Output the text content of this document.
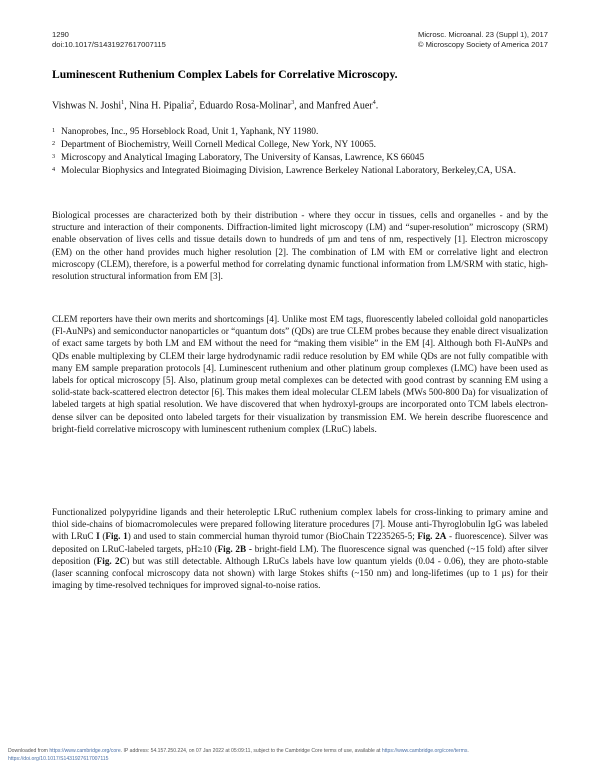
1290
doi:10.1017/S1431927617007115
Microsc. Microanal. 23 (Suppl 1), 2017
© Microscopy Society of America 2017
Luminescent Ruthenium Complex Labels for Correlative Microscopy.

Vishwas N. Joshi$^1$, Nina H. Pipalia$^2$, Eduardo Rosa-Molinar$^3$, and Manfred Auer$^4$.

1 Nanoprobes, Inc., 95 Horseblock Road, Unit 1, Yaphank, NY 11980.
2 Department of Biochemistry, Weill Cornell Medical College, New York, NY 10065.
3 Microscopy and Analytical Imaging Laboratory, The University of Kansas, Lawrence, KS 66045
4 Molecular Biophysics and Integrated Bioimaging Division, Lawrence Berkeley National Laboratory, Berkeley,CA, USA.

Biological processes are characterized both by their distribution - where they occur in tissues, cells and organelles - and by the structure and interaction of their components. Diffraction-limited light microscopy (LM) and “super-resolution” microscopy (SRM) enable observation of lives cells and tissue details down to hundreds of µm and tens of nm, respectively [1]. Electron microscopy (EM) on the other hand provides much higher resolution [2]. The combination of LM with EM or correlative light and electron microscopy (CLEM), therefore, is a powerful method for correlating dynamic functional information from LM/SRM with static, high-resolution structural information from EM [3].

CLEM reporters have their own merits and shortcomings [4]. Unlike most EM tags, fluorescently labeled colloidal gold nanoparticles (Fl-AuNPs) and semiconductor nanoparticles or “quantum dots” (QDs) are true CLEM probes because they enable direct visualization of exact same targets by both LM and EM without the need for “making them visible” in the EM [4]. Although both Fl-AuNPs and QDs enable multiplexing by CLEM their large hydrodynamic radii reduce resolution by EM while QDs are not fully compatible with many EM sample preparation protocols [4]. Luminescent ruthenium and other platinum group complexes (LMC) have been used as labels for optical microscopy [5]. Also, platinum group metal complexes can be detected with good contrast by scanning EM using a solid-state back-scattered electron detector [6]. This makes them ideal molecular CLEM labels (MWs 500-800 Da) for visualization of labeled targets at high spatial resolution. We have discovered that when hydroxyl-groups are incorporated onto TCM labels electron-dense silver can be deposited onto labeled targets for their visualization by transmission EM. We herein describe fluorescence and bright-field correlative microscopy with luminescent ruthenium complex (LRuC) labels.

Functionalized polypyridine ligands and their heteroleptic LRuC ruthenium complex labels for cross-linking to primary amine and thiol side-chains of biomacromolecules were prepared following literature procedures [7]. Mouse anti-Thyroglobulin IgG was labeled with LRuC I (Fig. 1) and used to stain commercial human thyroid tumor (BioChain T2235265-5; Fig. 2A - fluorescence). Silver was deposited on LRuC-labeled targets, pH≥10 (Fig. 2B - bright-field LM). The fluorescence signal was quenched (~15 fold) after silver deposition (Fig. 2C) but was still detectable. Although LRuCs labels have low quantum yields (0.04 - 0.06), they are photo-stable (laser scanning confocal microscopy data not shown) with large Stokes shifts (~150 nm) and long-lifetimes (up to 1 µs) for their imaging by time-resolved techniques for improved signal-to-noise ratios.

Downloaded from https://www.cambridge.org/core. IP address: 54.157.250.224, on 07 Jan 2022 at 05:09:11, subject to the Cambridge Core terms of use, available at https://www.cambridge.org/core/terms.
https://doi.org/10.1017/S1431927617007115
